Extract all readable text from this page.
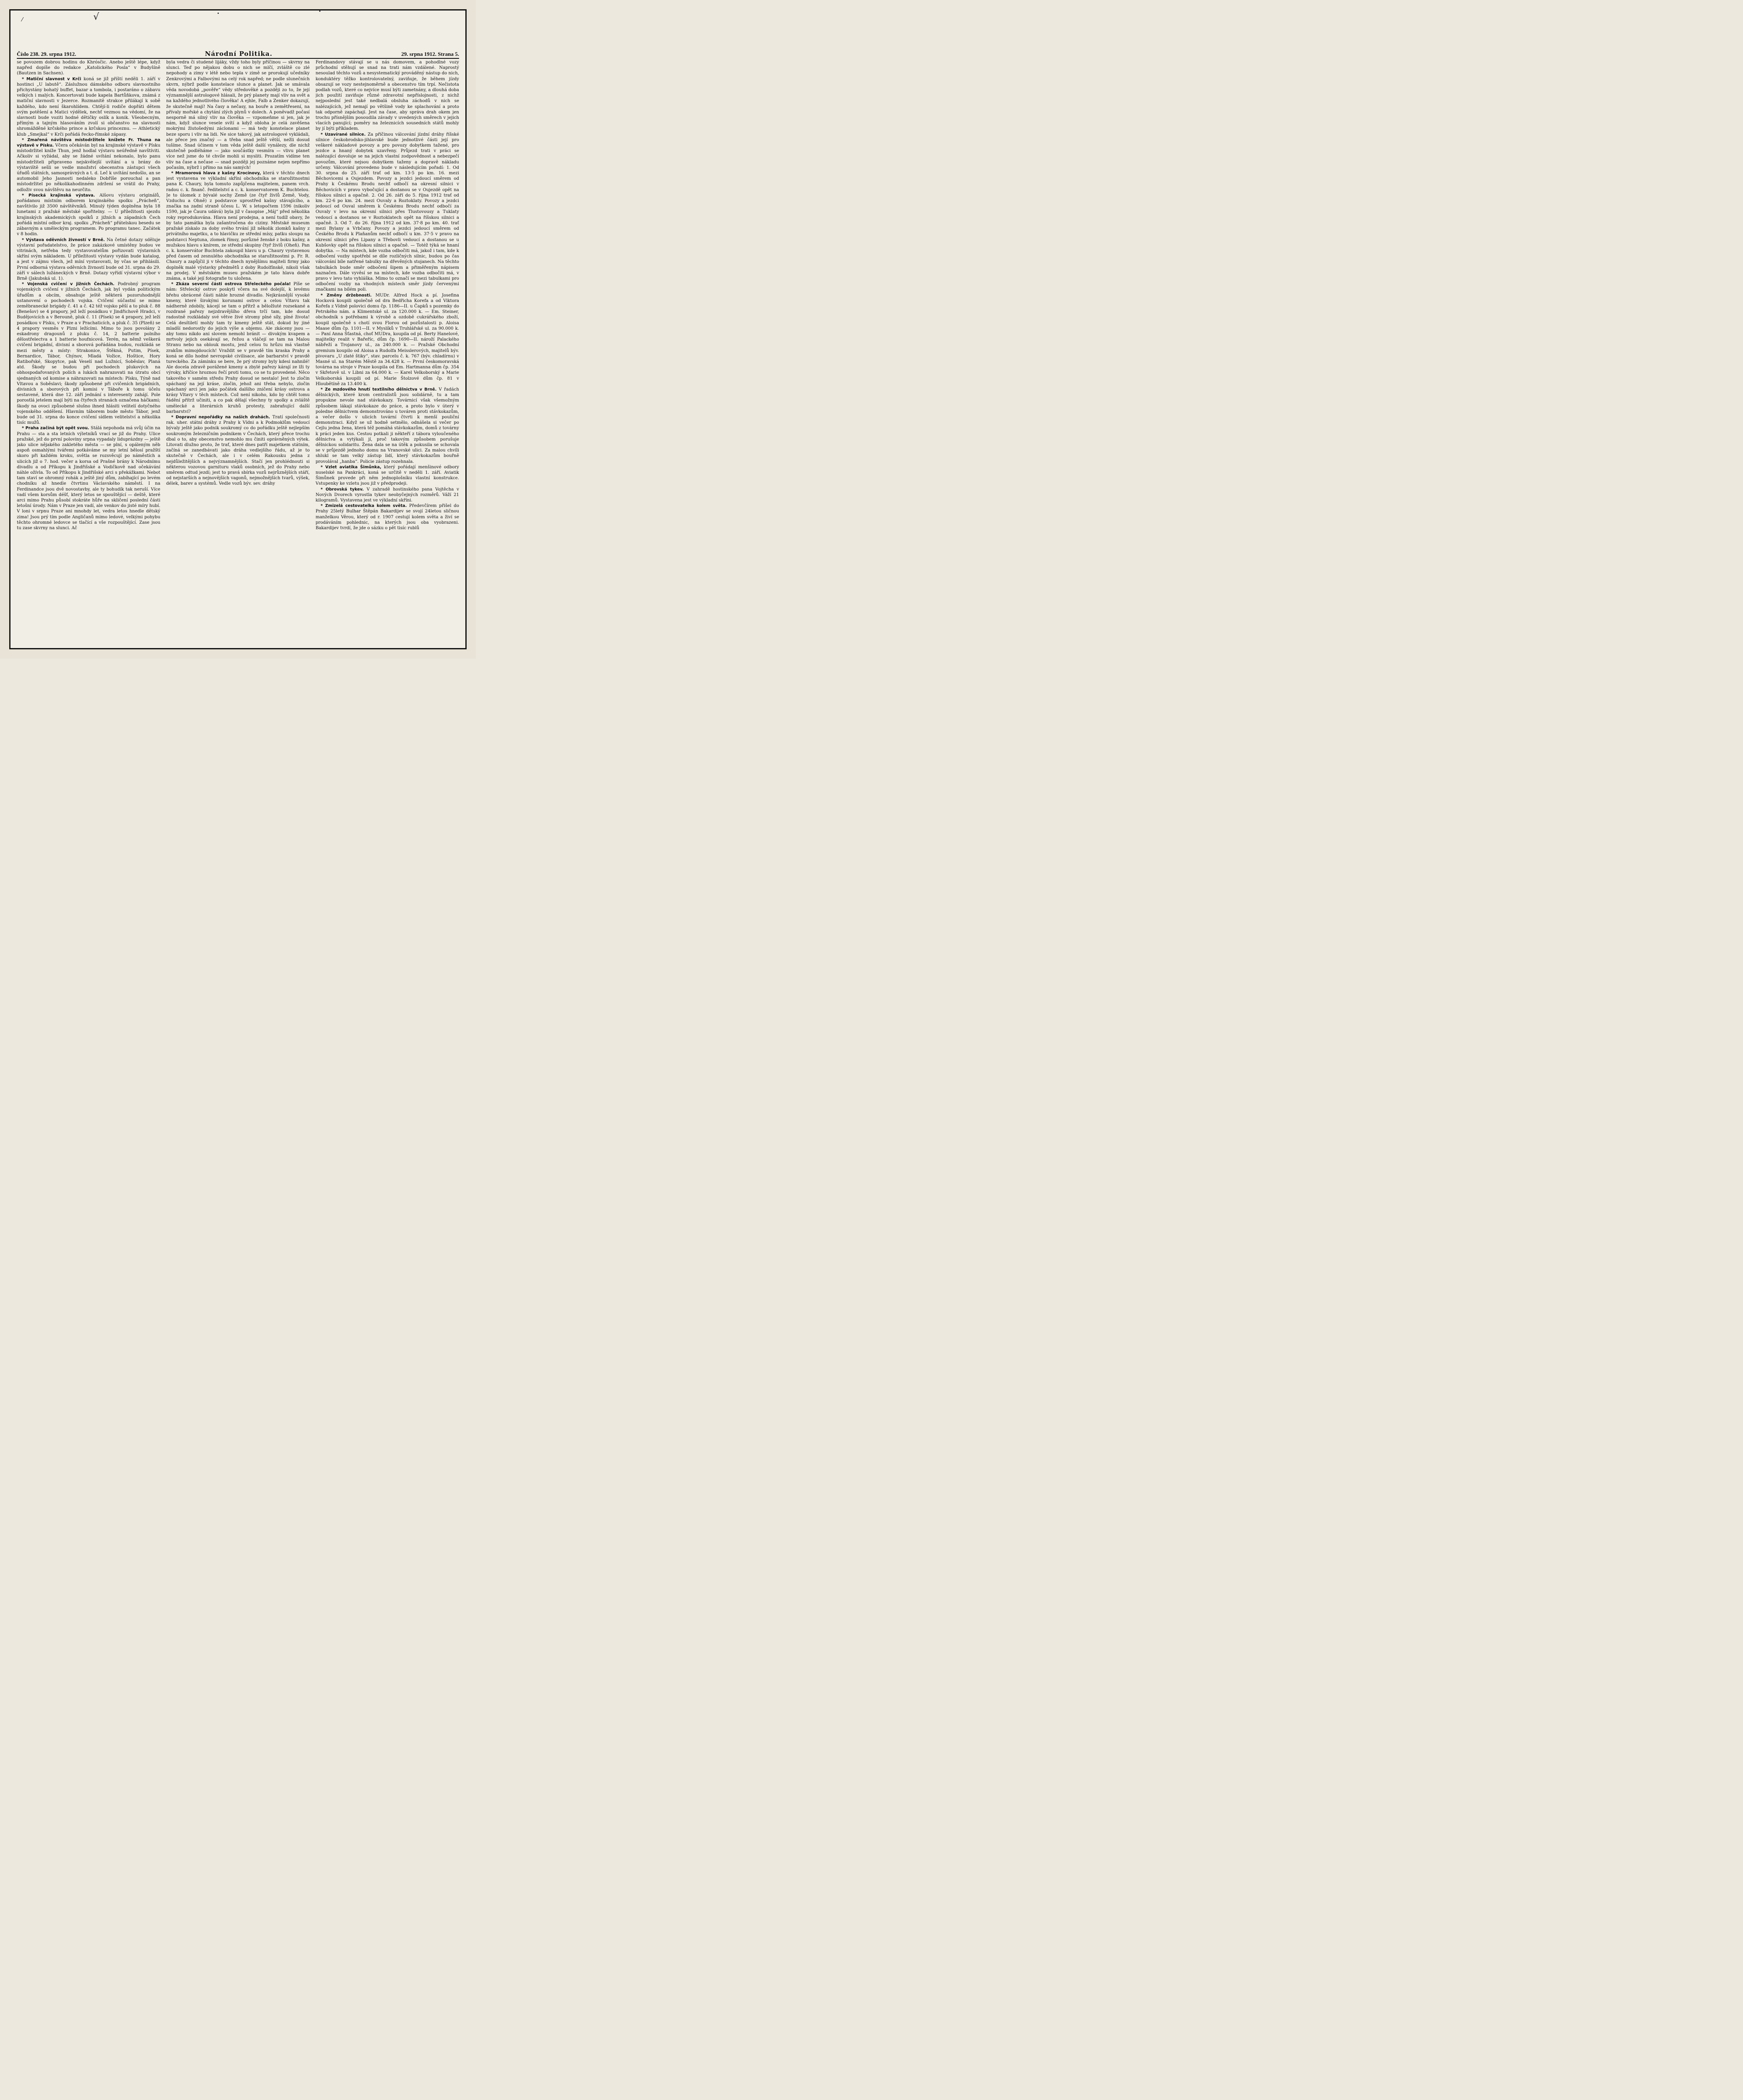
⁄	√
Číslo 238. 29. srpna 1912.	Národní Politika.	29. srpna 1912. Strana 5.

se povozem dobrou hodinu do Khrósčic. Anebo ještě lépe, když napřed dopíše do redakce „Katolického Posla“ v Budyšíně (Bautzen in Sachsen).

* Matiční slavnost v Krči koná se již příští neděli 1. září v hostinci „U labutě“. Záslužnou dámského odboru slavnostního přichystány bohatý buffet, bazar a tombola, i postaráno o zábavu velkých i malých. Koncertovati bude kapela Bartůňkova, známá z matiční slavnosti v Jezerce. Rozmanitě strakce přilákají k sobě každého, kdo není škarohlídem. Chtějí-li rodiče dopřáti dětem svým potěšení a Matici výdělek, nechť vezmou na vědomí, že na slavnosti bude voziti hodné dětičky oslík a konik. Všeobecným, přímým a tajným hlasováním zvolí si občanstvo na slavnosti shromážděné krčského prince a krčskou princeznu. — Athletický klub „Smejkal“ v Krči pořádá řecko-římské zápasy.

* Zmařená návštěva místodržitele knížete Fr. Thuna na výstavě v Písku. Včera očekáván byl na krajinské výstavě v Písku místodržitel kníže Thun, jenž hodlal výstavu neúředně navštíviti. Ačkoliv si vyžádal, aby se žádné uvítání nekonalo, bylo panu místodržiteli připraveno nejskvělejší uvítání a u brány do výstaviště sešli se vedle množství obecenstva zástupci všech úřadů státních, samosprávných a t. d. Leč k uvítání nedošlo, an se automobil Jeho Jasnosti nedaleko Dobříše porouchal a pan místodržitel po několikahodinném zdržení se vrátil do Prahy, odloživ svou návštěvu na neurčito.

* Písecká krajinská výstava. Alšovu výstavu originálů, pořádanou místním odborem krajinského spolku „Prácheň“, navštívilo již 3500 návštěvníků. Minulý týden doplněna byla 18 lunetami z pražské městské spořitelny. — U příležitosti sjezdu krajinských akademických spolků z jižních a západních Čech pořádá místní odbor kraj. spolku „Prácheň“ přátelskou besedu se zábavným a uměleckým programem. Po programu tanec. Začátek v 8 hodin.

* Výstava oděvních živností v Brně. Na četné dotazy sděluje výstavní pořadatelstvo, že práce zakázkové umístěny budou ve vitrinách, netřeba tedy vystavovatelům pořizovati výstavních skříní svým nákladem. U příležitosti výstavy vydán bude katalog, a jest v zájmu všech, jež míní vystavovati, by včas se přihlásili. První odborná výstava oděvních živností bude od 31. srpna do 29. září v sálech lužáneckých v Brně. Dotazy vyřídí výstavní výbor v Brně (Jakubská ul. 1).

* Vojenská cvičení v jižních Čechách. Podrobný program vojenských cvičení v jižních Čechách, jak byl vydán politickým úřadům a obcím, obsahuje ještě některá pozoruhodnější ustanovení o pochodech vojska. Cvičení súčastní se mimo zeměbranecké brigády č. 41 a č. 42 též vojsko pěší a to pluk č. 88 (Benešov) se 4 prapory, jež leží posádkou v Jindřichově Hradci, v Budějovicích a v Berouně, pluk č. 11 (Písek) se 4 prapory, jež leží posádkou v Písku, v Praze a v Prachaticích, a pluk č. 35 (Plzeň) se 4 prapory vesměs v Plzni ležícími. Mimo to jsou povolány 2 eskadrony dragounů z pluku č. 14, 2 batterie polního dělostřelectva a 1 batterie houfnicová. Terén, na němž veškerá cvičení brigádní, divisní a sborová pořádána budou, rozkládá se mezi městy a místy: Strakonice, Štěkná, Putim, Písek, Bernardice, Tábor, Chýnov, Mladá Vožice, Hoštice, Hory Ratibořské, Skopytce, pak Veselí nad Lužnicí, Soběslav, Planá atd. Škody se budou při pochodech plukových na obhospodařovaných polích a lukách nahrazovati na útratu obcí sjednaných od komise a náhrazovati na místech: Písku, Týně nad Vltavou a Soběslavi; škody způsobené při cvičeních brigádních, divisních a sborových při komisi v Táboře k tomu účelu sestavené, která dne 12. září jednání s interesenty zahájí. Pole porostlá jetelem mají býti na čtyřech stranách označena háčkami; škody na ovoci způsobené slušno ihned hlásiti velitelí dotyčného vojenského oddělení. Hlavním táborem bude město Tábor, jenž bude od 31. srpna do konce cvičení sídlem velitelství a několika tisíc mužů.

* Praha začíná být opět svou. Stálá nepohoda má svůj účin na Prahu — sta a sta letních výletníků vrací se již do Prahy. Ulice pražské, jež do první poloviny srpna vypadaly liduprázdny — ještě jako ulice nějakého zakletého města — se plní, s opáleným něb aspoň osmahlými tvářemi potkáváme se my letní bělosí pražští skoro při každém kroku, světla se rozsvěcují po náměstích a ulicích již o 7. hod. večer a korsa od Prašné brány k Národnímu divadlu a od Příkopu k Jindřišské a Vodičkově nad očekávání náhle ožívla. To od Příkopu k Jindřišské arci s překážkami. Nebot tam staví se ohromný rohák a ještě jiný dům, zabíhající po levém chodníku až hnedle čtvrtinu Václavského náměstí. I na Ferdinandce jsou dvě novostavby, ale ty bohudík tak neruší. Více vadí všem korsům déšť, který letos se spouštějící — deště, které arci mimo Prahu působí stokráte hůře na skličení poslední části letošní úrody. Nám v Praze jen vadí, ale venkov do jisté míry hubí. V loni v srpnu Praze ani mnohdy let, vedra letos hnedle dětský zima! Jsou prý tím podle Angličanů mimo ledové, velkými pohybu těchto ohromné ledovce se tlačící a vše rozpouštějící. Zase jsou tu zase skvrny na slunci. Ač

byla vedra či studené lijáky, vždy toho byly příčinou — skvrny na slunci. Teď po nějakou dobu o nich se mlčí, zvláště co zlé nepohody a zimy v létě nebo tepla v zimě se prorokují učedníky Zenkrovými a Falbovými na celý rok napřed; ne podle slunečních skvrn, nýbrž podle konstelace slunce a planet. Jak se smávala věda novodobá „pověře“ vědy středověké a později zo to, že její významnější astrologové hlásali, že prý planety mají vliv na svět a na každého jednotlivého člověka! A ejhle, Falb a Zenker dokazují, že skutečně mají! Na časy a nečasy, na bouře a zemětřesení, na přívaly mořské a chytání zlých plynů v dolech. A poněvadž počasí nesporně má silný vliv na člověka — vzpomeňme si jen, jak je nám, když slunce vesele svítí a když obloha je celá zavěšena mokrými žlutošedými záclonami — má tedy konstelace planet beze sporu i vliv na lidi. Ne sice takový, jak astrologové vykládali, ale přece jen značný — a třeba snad ještě větší, nežli dosud tušíme. Snad účinem v tom věda ještě další vynálezy, dle nichž skutečně podléháme — jako součástky vesmíra — vlivu planet více než jsme do té chvíle mohli si mysliti. Prozatím vidíme ten vliv na čase a nečase — snad později jej poznáme nejen nepřímo počasím, nýbrž i přímo na nás samých!

* Mramorová hlava z kašny Krocínovy, která v těchto dnech jest vystavena ve výkladní skříni obchodníka se starožitnostmi pana K. Chaury, byla tomuto zapůjčena majitelem, panem vrch. radou c. k. finanč. ředitelství a c. k. konservatorem K. Buchtelou. Je to úlomek z bývalé sochy Země (ze čtyř živlů Země, Vody, Vzduchu a Ohně) z podstavce uprostřed kašny stávajícího, a značka na zadní straně účesu L. W. s letopočtem 1596 (nikoliv 1590, jak je Čaura udává) byla již v časopise „Máj“ před několika roky reprodukována. Hlava není prodejna, a není tudíž obavy, že by tato památka byla zašantročena do ciziny. Městské museum pražské získalo za doby svého trvání již několik zlomků kašny z privátního majetku, a to hlavičku ze střední mísy, patku sloupu na podstavci Neptuna, zlomek římsy, porůzné ženské z boku kašny, a mužskou hlavu s knírem, ze střední skupiny čtyř živlů (Oheň). Pan c. k. konservátor Buchtela zakoupil hlavu u p. Chaury vystavenou před časem od zesnulého obchodníka se starožitnostmi p. Fr. R. Chaury a zapůjčil ji v těchto dnech nynějšímu majiteli firmy jako doplněk malé výstavky předmětů z doby Rudolfínské, nikoli však na prodej. V městském museu pražském je tato hlava dobře známa, a také její fotografie tu uložena.

* Zkáza severní části ostrova Střeleckého počala! Píše se nám: Střelecký ostrov poskytl včera na své dolejší, k levému břehu obrácené části náhle hrozné divadlo. Nejkrásnější vysoké kmeny, které širokými korunami ostrov a celou Vltavu tak nádherně zdobily, kácejí se tam o přítrž a běložluté rozsekané a rozdrané pařezy nejzdravějšího dřeva trčí tam, kde dosud radostně rozkládaly své větve živé stromy plné síly, plné života! Celá desítiletí mohly tam ty kmeny ještě stát, dokud by jiné mladší nedorostly do jejich výše a objemu. Ale zkáceny jsou — aby tomu nikdo ani slovem nemohl bránit — divokým kvapem a mrtvoly jejich osekávají se, řežou a vláčejí se tam na Malou Stranu nebo na oblouk mostu, jenž celou tu hrůzu má vlastně zrakům mimojdoucích! Vraždit se v pravdě tím kraska Prahy a koná se dílo hodné nevropské civilisace, ale barbarství v pravdě tureckého. Za záminku se bere, že prý stromy byly kdesi nahnilé! Ale docela zdravě porážené kmeny a zbylé pařezy kárají ze lži ty výroky, křičíce hroznou řečí proti tomu, co se tu provedené. Něco takového v samém středu Prahy dosud se nestalo! Jest to zločin spáchaný na její kráse, zločin, jehož ani třeba nebylo, zločin spáchaný arci jen jako počátek dalšího zničení krásy ostrova a krásy Vltavy v těch místech. Což není nikoho, kdo by chtěl tomu řádění přítrž učiniti, a co pak dělají všechny ty spolky a zvláště umělecké a literárních kruhů protesty, zabraňující další barbarství?

* Dopravní nepořádky na našich drahách. Tratí společnosti rak. uher. státní dráhy z Prahy k Vídni a k Podmoklům vedoucí bývaly ještě jako podnik soukromý co do pořádku ještě nejlepším soukromým železničním podnikem v Čechách, který přece trochu dbal o to, aby obecenstvo nemohlo mu činiti oprávněných výtek. Litovati dlužno proto, že trať, které dnes patří majetkem státním, začíná se zanedbávati jako dráha vedlejšího řádu, až je to skutečně v Čechách, ale i v celém Rakousku jedna z nejdůležitějších a nejvýznamnějších. Stačí jen prohlédnouti si některou vozovou garnituru vlaků osobních, jež do Prahy nebo směrem odtud jezdí; jest to pravá sbírka vozů nejrůznějších stáří, od nejstarších a nejnovějších vagonů, nejmožnějších tvarů, výšek, délek, barev a systémů. Vedle vozů býv. sev. dráhy

Ferdinandovy stávají se u nás domovem, a pohodlné vozy průchodní stěhují se snad na trati nám vzdálené. Naprostý nesoulad těchto vozů a nesystematický prováděný nástup do nich, konduktéry těžko kontrolovatelný, zaviňuje, že během jízdy obsazují se vozy nestejnoměrně a obecenstvo tím trpí. Nečistota podlah vozů, které co nejvíce musí býti zametnány, a dlouhá doba jich použití zaviňuje různé zdravotní nepříslojnosti, z nichž nejposlední jest také nedbalá obsluha záchodů v nich se nalézajících, jež nemají po většině vody ke splachování a proto tak odporně zapáchají. Jest na čase, aby správa drah okem jen trochu přísnějším posoudila závady v uvedených směrech v jejich vlacích panující; poměry na železnicích sousedních států mohly by jí býti příkladem.

* Uzavírané silnice. Za příčinou válcování jízdní dráhy říšské silnice českobrodsko-jihlavské bude jednotlivé části její pro veškeré nákladové povozy a pro povozy dobytkem tažené, pro jezdce a hnaný dobytek uzavřeny. Průjezd trati v práci se nalézající dovoluje se na jejich vlastní zodpovědnost a nebezpečí povozům, které nejsou dobytkem taženy a dopravě nákladu určeny. Válcování provedeno bude v následujícím pořadí: 1. Od 30. srpna do 25. září trať od km. 13·5 po km. 16. mezi Běchovicemi a Oujezdem. Povozy a jezdci jedoucí směrem od Prahy k Českému Brodu nechť odbočí na okresní silnici v Běchovicích v pravo vybočující a dostanou se v Oujezdě opět na říšskou silnici a opačně. 2. Od 26. září do 5. října 1912 trať od km. 22·6 po km. 24. mezi Ouvaly a Roztoklaty. Povozy a jezdci jedoucí od Ouval směrem k Českému Brodu nechť odbočí za Ouvaly v levo na okresní silnici přes Tlustovousy a Tuklaty vedoucí a dostanou se v Roztoklatech opět na říšskou silnici a opačně. 3. Od 7. do 26. října 1912 od km. 37·8 po km. 40. trať mezi Bylany a Vrbčany. Povozy a jezdci jedoucí směrem od Českého Brodu k Plaňanům nechť odbočí u km. 37·5 v pravo na okresní silnici přes Lipany a Třebovli vedoucí a dostanou se u Kubšovky opět na říšskou silnici a opačně. — Totéž týká se hnaní dobytka. — Na místech, kde vozba odbočiti má, jakož i tam, kde k odbočení vozby upotřebí se díle rozličných silnic, budou po čas válcování bíle natřené tabulky na dřevěných stojanech. Na těchto tabulkách bude směr odbočení šipem a přiměřeným nápisem naznačen. Dále vyvěsí se na místech, kde vozba odbočiti má, v pravo v levo tato vyhláška. Mimo to označí se mezi tabulkami pro odbočení vozby na vhodných místech směr jízdy červenými značkami na bílém poli.

* Změny držebnosti. MUDr. Alfred Hock a pí. Josefina Hocková koupili společně od dra Bedřicha Korefa a od Viktora Kořefa z Vídně polovici domu čp. 1186—II. u Čapků s pozemky do Petrského nám. a Klimentské ul. za 120.000 k. — Em. Steiner, obchodník s potřebami k výrobě a ozdobě cukrářského zboží, koupil společně s chotí svou Florou od pozůstalosti p. Aloisa Maase dům čp. 1101—II. v Myslíků v Truhlářské ul. za 90.000 k. — Paní Anna Šťastná, choť MUDra, koupila od pí. Berty Hanelové, majitelky realit v Bařeříc, dům čp. 1690—II. nároží Palackého nábřeží a Trojanovy ul., za 240.000 k. — Pražské Obchodní gremium koupilo od Aloisa a Rudolfa Meisslerových, majitelů býv. pivovaru „U zlaté štiky“, stav. parcelu č. k. 767 (býv. chladírnu) v Masné ul. na Starém Městě za 34.428 k. — První českomoravská továrna na stroje v Praze koupila od Em. Hartmanna dům čp. 354 v Skřetově ul. v Libni za 64.000 k. — Karel Velkoborský a Marie Velkoborská koupili od pí. Marie Štolzové dům čp. 81 v Hloubětíně za 13.400 k.

* Ze mzdového hnutí textilního dělnictva v Brně. V řadách dělnických, které krom centralistů jsou solidárně, tu a tam propukne nevole nad stávkokazy. Továrnicí však všemožným způsobem lákají stávkokaze do práce, a proto bylo v úterý v poledne dělnictvem demonstrováno u továren proti stávkokazům, a večer došlo v ulicích tovární čtvrti k menší pouliční demonstraci. Když se už hodně setmělo, odnášela si večer po Cejlu jedna žena, která též pomáhá stávkokazům, domů z továrny k práci jeden kus. Cestou potkali ji někteří z tábora vyloučeného dělnictva a vytýkali jí, proč takovým způsobem porušuje dělnickou solidaritu. Žena dala se na útěk a pokusila se schovala se v průjezdě jednoho domu na Vranovské ulici. Za malou chvíli shlukl se tam velký zástup lidí, který stávkokazům bouřně provolával „hanba“. Policie zástup rozehnala.

* Vzlet aviatika Šimůnka, který pořádají menšinové odbory nuselské na Pankráci, koná se určitě v neděli 1. září. Aviatik Šimůnek provede při něm jednoplošníku vlastní konstrukce. Vstupenky ke vzletu jsou již v předprodeji.

* Obrovská tykev. V zahradě hostinského pana Vojtěcha v Nových Dvorech vyrostla tykev neobyčejných rozměrů. Váží 21 kilogramů. Vystavena jest ve výkladní skříni.

* Zmizelá cestovatelka kolem světa. Předevčírem přišel do Prahy 25letý Bulhar Štěpán Bakardijev se svojí 24letou sličnou manželkou Věrou, který od r. 1907 cestují kolem světa a živí se prodáváním pohlednic, na kterých jsou oba vyobrazeni. Bakardijev tvrdí, že jde o sázku o pět tisíc rublů
